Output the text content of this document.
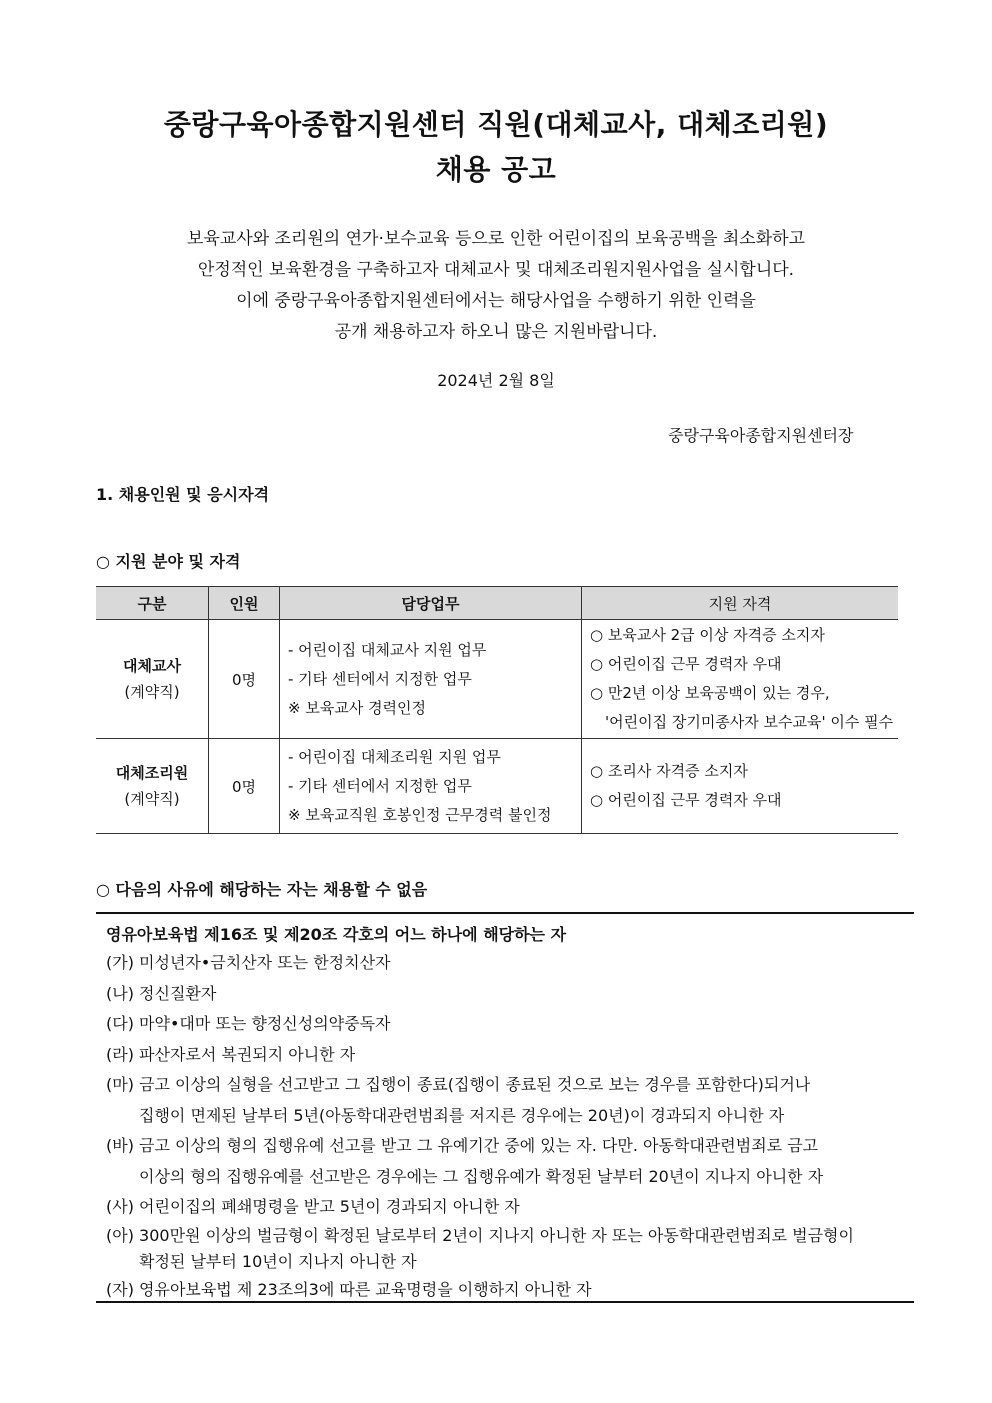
중랑구육아종합지원센터 직원(대체교사, 대체조리원)
채용 공고
보육교사와 조리원의 연가·보수교육 등으로 인한 어린이집의 보육공백을 최소화하고
안정적인 보육환경을 구축하고자 대체교사 및 대체조리원지원사업을 실시합니다.
이에 중랑구육아종합지원센터에서는 해당사업을 수행하기 위한 인력을
공개 채용하고자 하오니 많은 지원바랍니다.
2024년 2월 8일
중랑구육아종합지원센터장
1. 채용인원 및 응시자격
○ 지원 분야 및 자격
구분	인원	담당업무	지원 자격

대체교사
(계약직)	0명	- 어린이집 대체교사 지원 업무
- 기타 센터에서 지정한 업무
※ 보육교사 경력인정	○ 보육교사 2급 이상 자격증 소지자
○ 어린이집 근무 경력자 우대
○ 만2년 이상 보육공백이 있는 경우,
'어린이집 장기미종사자 보수교육' 이수 필수

대체조리원
(계약직)	0명	- 어린이집 대체조리원 지원 업무
- 기타 센터에서 지정한 업무
※ 보육교직원 호봉인정 근무경력 불인정	○ 조리사 자격증 소지자
○ 어린이집 근무 경력자 우대
○ 다음의 사유에 해당하는 자는 채용할 수 없음
영유아보육법 제16조 및 제20조 각호의 어느 하나에 해당하는 자
(가) 미성년자•금치산자 또는 한정치산자
(나) 정신질환자
(다) 마약•대마 또는 향정신성의약중독자
(라) 파산자로서 복권되지 아니한 자
(마) 금고 이상의 실형을 선고받고 그 집행이 종료(집행이 종료된 것으로 보는 경우를 포함한다)되거나
집행이 면제된 날부터 5년(아동학대관련범죄를 저지른 경우에는 20년)이 경과되지 아니한 자
(바) 금고 이상의 형의 집행유예 선고를 받고 그 유예기간 중에 있는 자. 다만. 아동학대관련범죄로 금고
이상의 형의 집행유예를 선고받은 경우에는 그 집행유예가 확정된 날부터 20년이 지나지 아니한 자
(사) 어린이집의 폐쇄명령을 받고 5년이 경과되지 아니한 자
(아) 300만원 이상의 벌금형이 확정된 날로부터 2년이 지나지 아니한 자 또는 아동학대관련범죄로 벌금형이
확정된 날부터 10년이 지나지 아니한 자
(자) 영유아보육법 제 23조의3에 따른 교육명령을 이행하지 아니한 자
